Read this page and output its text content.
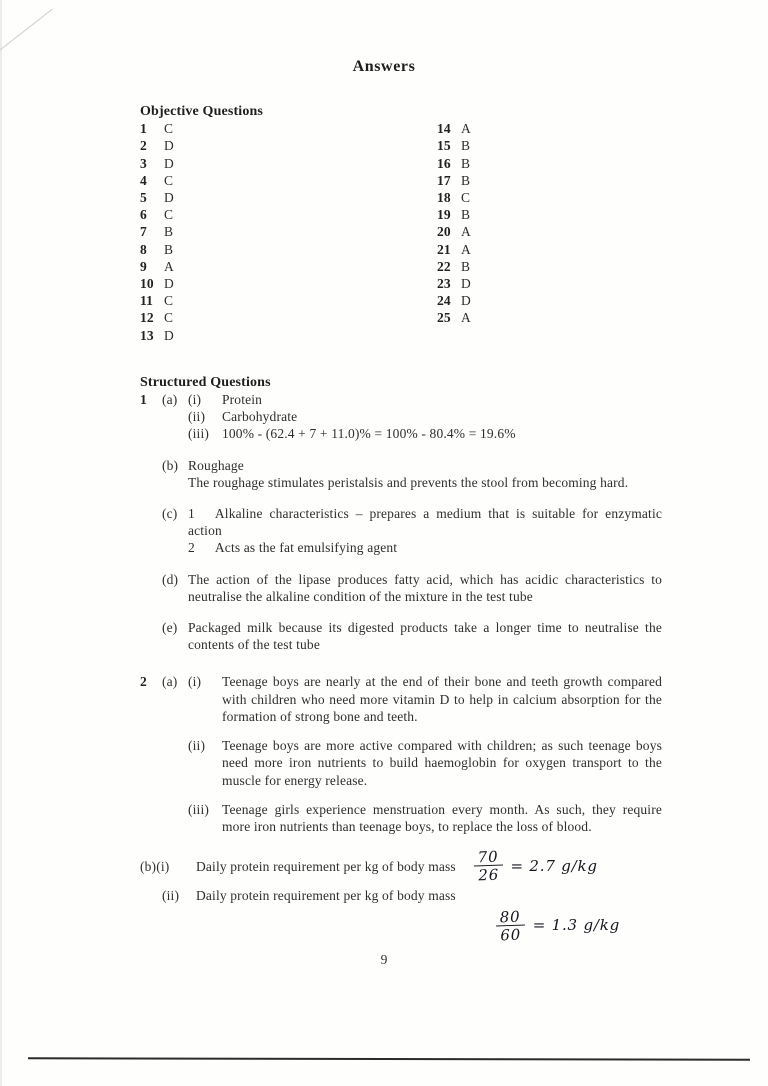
Answers
Objective Questions
1	C	14 A
2	D	15 B
3	D	16 B
4	C	17 B
5	D	18 C
6	C	19 B
7	B	20 A
8	B	21 A
9	A	22 B
10 D	23 D
11 C	24 D
12 C	25 A
13 D
Structured Questions
1	(a) (i)	Protein
(ii)	Carbohydrate
(iii) 100% - (62.4 + 7 + 11.0)% = 100% - 80.4% = 19.6%
(b) Roughage
The roughage stimulates peristalsis and prevents the stool from becoming hard.
(c) 1 Alkaline characteristics – prepares a medium that is suitable for enzymatic action
2 Acts as the fat emulsifying agent
(d) The action of the lipase produces fatty acid, which has acidic characteristics to neutralise the alkaline condition of the mixture in the test tube
(e) Packaged milk because its digested products take a longer time to neutralise the contents of the test tube
2	(a) (i)	Teenage boys are nearly at the end of their bone and teeth growth compared with children who need more vitamin D to help in calcium absorption for the formation of strong bone and teeth.
(ii)	Teenage boys are more active compared with children; as such teenage boys need more iron nutrients to build haemoglobin for oxygen transport to the muscle for energy release.
(iii) Teenage girls experience menstruation every month. As such, they require more iron nutrients than teenage boys, to replace the loss of blood.
(b)(i)	Daily protein requirement per kg of body mass $\frac{70}{26} = 2.7$ g/kg
(ii)	Daily protein requirement per kg of body mass
$\frac{80}{60} = 1.3$ g/kg
9
